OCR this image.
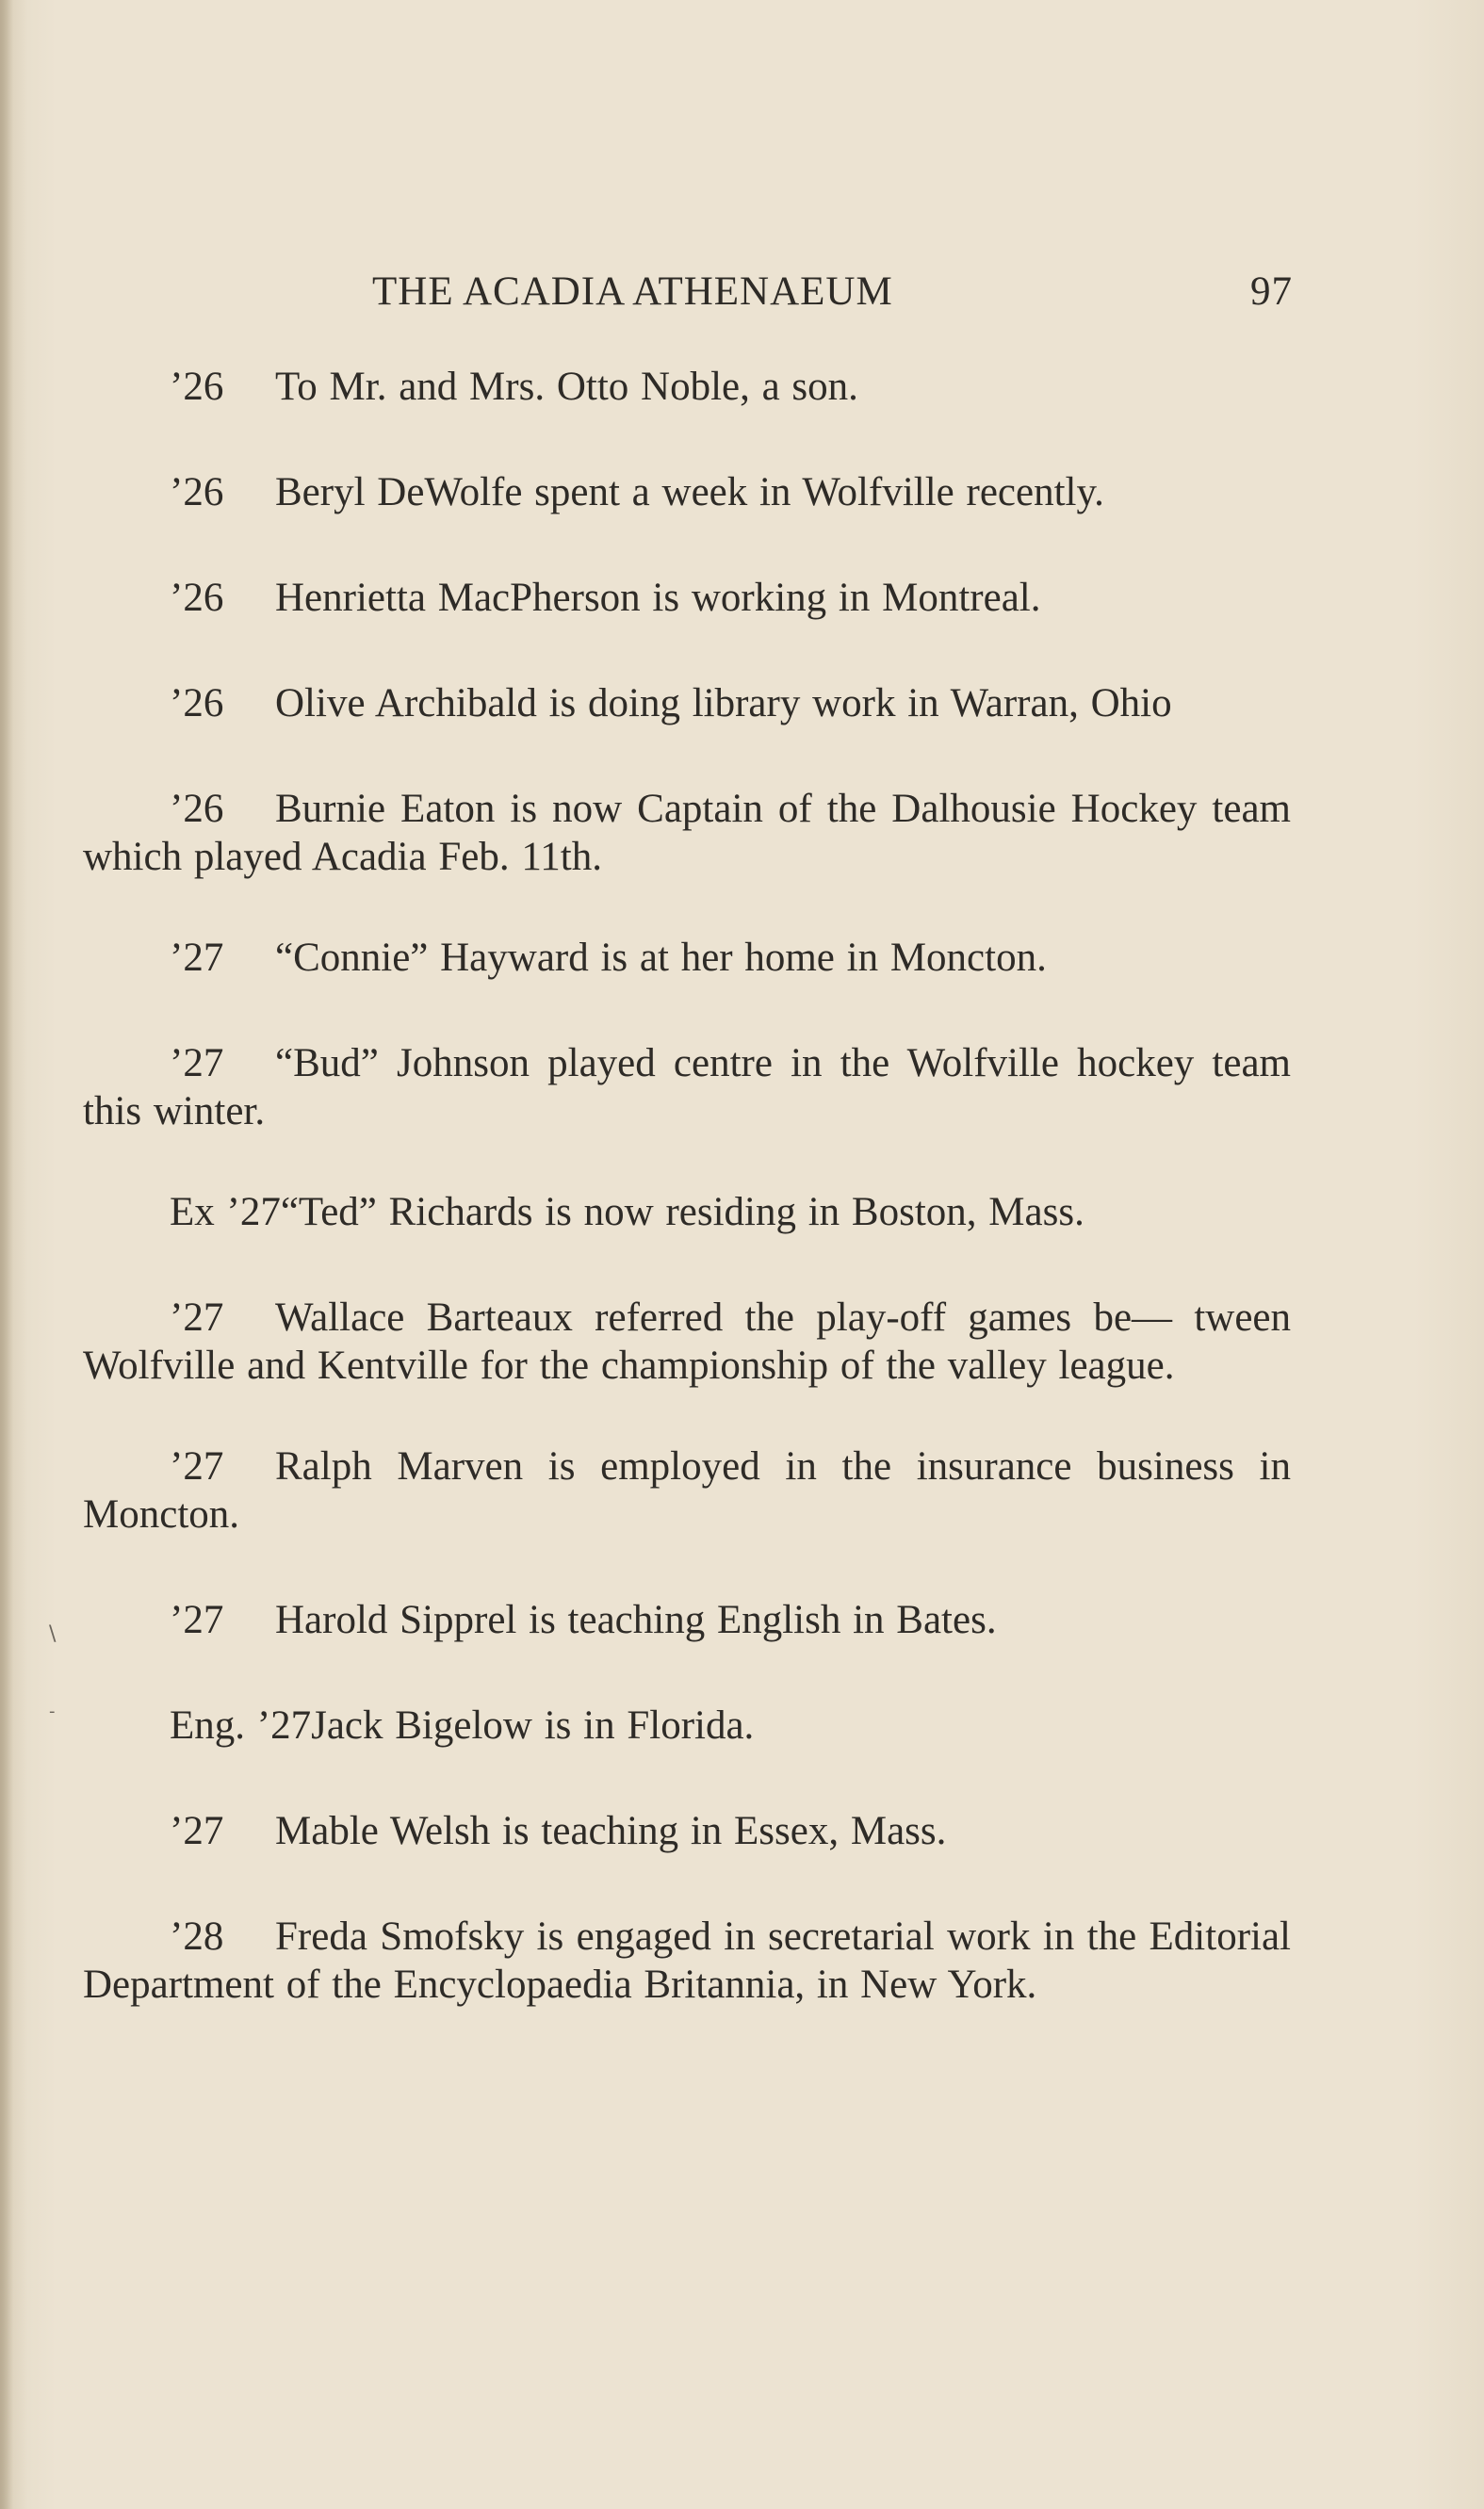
THE ACADIA ATHENAEUM	97

’26 To Mr. and Mrs. Otto Noble, a son.

’26 Beryl DeWolfe spent a week in Wolfville recently.

’26 Henrietta MacPherson is working in Montreal.

’26 Olive Archibald is doing library work in Warran, Ohio

’26 Burnie Eaton is now Captain of the Dalhousie Hockey team which played Acadia Feb. 11th.

’27 “Connie” Hayward is at her home in Moncton.

’27 “Bud” Johnson played centre in the Wolfville hockey team this winter.

Ex ’27“Ted” Richards is now residing in Boston, Mass.

’27 Wallace Barteaux referred the play-off games be— tween Wolfville and Kentville for the championship of the valley league.

’27 Ralph Marven is employed in the insurance business in Moncton.

’27 Harold Sipprel is teaching English in Bates.

Eng. ’27Jack Bigelow is in Florida.

’27 Mable Welsh is teaching in Essex, Mass.

’28 Freda Smofsky is engaged in secretarial work in the Editorial Department of the Encyclopaedia Britannia, in New York.

\
-
